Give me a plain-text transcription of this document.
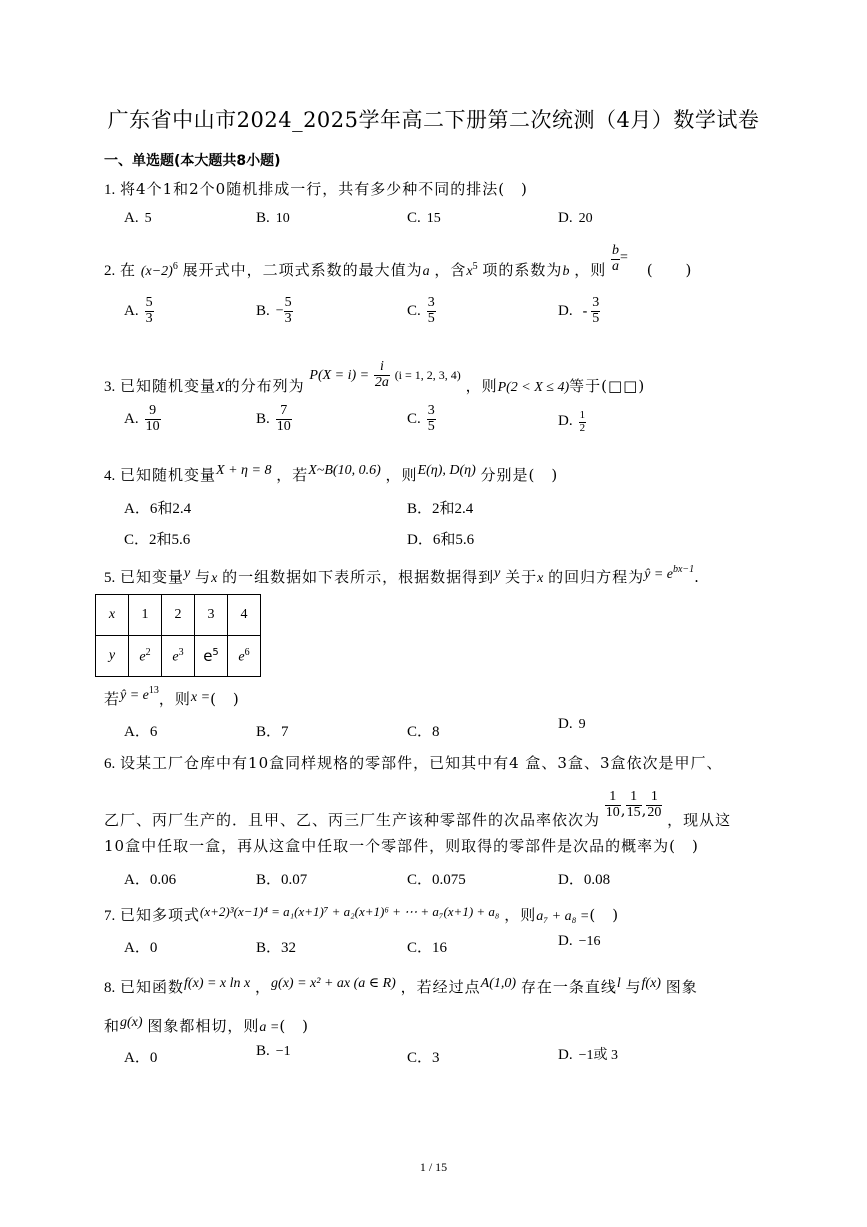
广东省中山市2024_2025学年高二下册第二次统测（4月）数学试卷
一、单选题(本大题共8小题)
1. 将4个1和2个0随机排成一行，共有多少种不同的排法(　)
A. 5	B. 10	C. 15	D. 20
2. 在 $(x-2)^6$ 展开式中，二项式系数的最大值为a ，含$x^5$ 项的系数为b ，则 $\frac{b}{a}$ = (　　)
A. $\frac{5}{3}$	B. − $\frac{5}{3}$	C. $\frac{3}{5}$	D. - $\frac{3}{5}$
3. 已知随机变量X的分布列为 $P(X = i) = \frac{i}{2a} (i = 1$, 2, 3, 4) ，则P(2 < X ≤ 4)等于(□□)
A. $\frac{9}{10}$	B. $\frac{7}{10}$	C. $\frac{3}{5}$	D. $\frac{1}{2}$
4. 已知随机变量X + η = 8 ，若X~B(10, 0.6) ，则E(η), D(η) 分别是(　)
A．6和2.4	B．2和2.4
C．2和5.6	D．6和5.6
5. 已知变量y 与x 的一组数据如下表所示，根据数据得到y 关于x 的回归方程为ŷ = $e^{bx-1}$.
x	1	2	3	4
y	$e^2$	$e^3$	$e^5$	$e^6$
若ŷ = $e^{13}$，则x =(　)
A．6	B．7	C．8	D. 9
6. 设某工厂仓库中有10盒同样规格的零部件，已知其中有4 盒、3盒、3盒依次是甲厂、
乙厂、丙厂生产的．且甲、乙、丙三厂生产该种零部件的次品率依次为 $\frac{1}{10}$ , $\frac{1}{15}$ , $\frac{1}{20}$ ，现从这
10盒中任取一盒，再从这盒中任取一个零部件，则取得的零部件是次品的概率为(　)
A．0.06	B．0.07	C．0.075	D．0.08
7. 已知多项式(x+2)³(x−1)⁴ = a₁(x+1)⁷ + a₂(x+1)⁶ + ⋯ + a₇(x+1) + a₈ ，则a₇ + a₈ =(　)
A．0	B．32	C．16	D. −16
8. 已知函数f(x) = x ln x ，g(x) = x² + ax (a ∈ R) ，若经过点A(1,0) 存在一条直线l 与f(x) 图象
和g(x) 图象都相切，则a =(　)
A．0	B. −1	C．3	D. −1或 3
1 / 15
